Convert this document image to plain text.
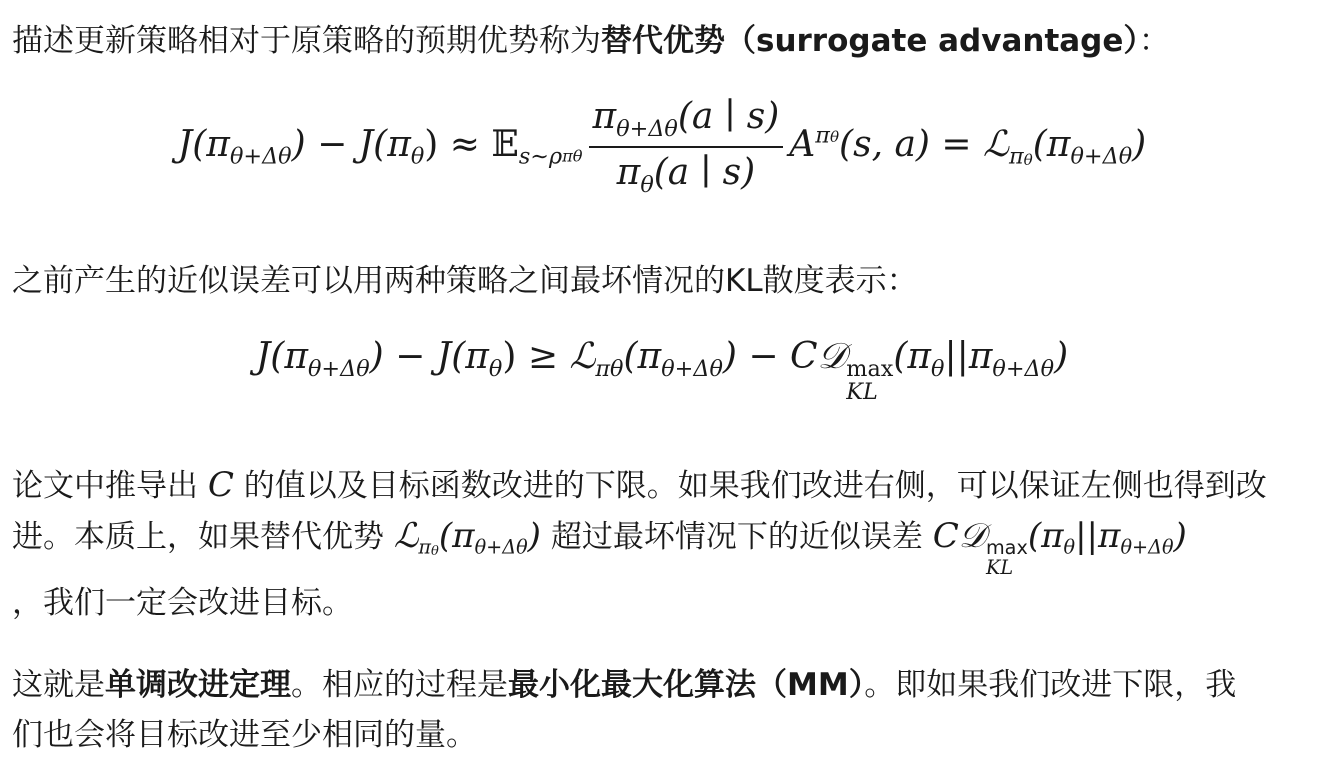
描述更新策略相对于原策略的预期优势称为替代优势（surrogate advantage）：
$J(\pi_{\theta+\Delta\theta}) - J(\pi_\theta)$ ≈ 𝔼$_{s\sim\rho\pi\theta}$ $\frac{\pi_{\theta+\Delta\theta}(a ∣ s)}{\pi_\theta(a ∣ s)} A^{\pi\theta}(s$, $a) = ℒ_{\pi\theta}(\pi_{\theta+\Delta\theta})$
之前产生的近似误差可以用两种策略之间最坏情况的KL散度表示：
$J(\pi_{\theta+\Delta\theta}) - J(\pi_\theta)$ ≥ $ℒ_{\pi\theta}(\pi_{\theta+\Delta\theta})$ − C𝒟 max
KL
$(\pi_\theta||\pi_{\theta+\Delta\theta})$
论文中推导出 C 的值以及目标函数改进的下限。如果我们改进右侧，可以保证左侧也得到改
进。本质上，如果替代优势 $ℒ_{\pi\theta}(\pi_{\theta+\Delta\theta})$ 超过最坏情况下的近似误差 C𝒟 max
KL
$(\pi_\theta||\pi_{\theta+\Delta\theta})$
，我们一定会改进目标。
这就是单调改进定理。相应的过程是最小化最大化算法（MM）。即如果我们改进下限，我
们也会将目标改进至少相同的量。
